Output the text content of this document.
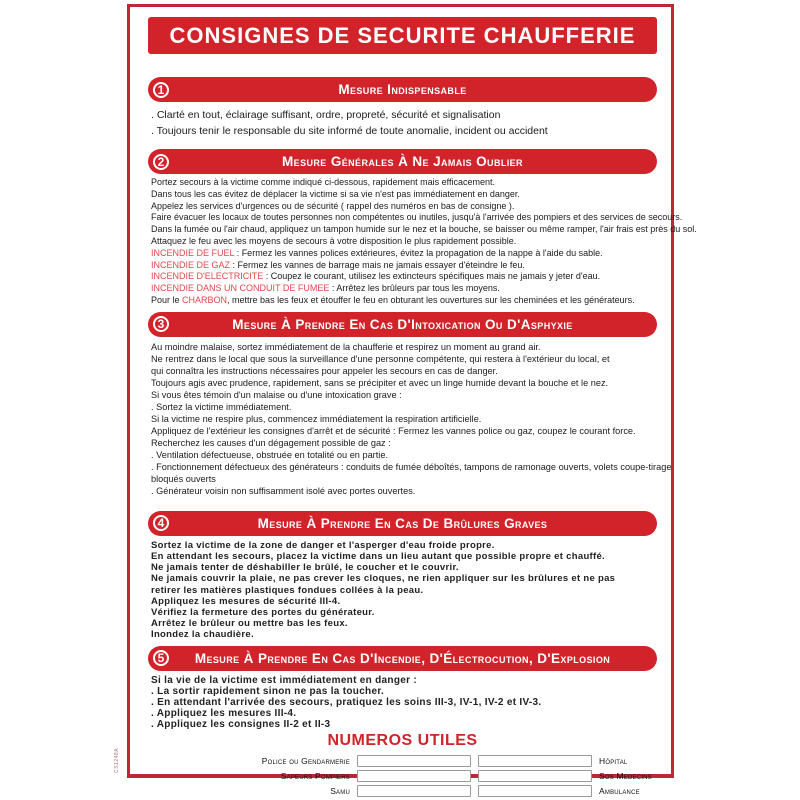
CONSIGNES DE SECURITE CHAUFFERIE
1	Mesure Indispensable
. Clarté en tout, éclairage suffisant, ordre, propreté, sécurité et signalisation
. Toujours tenir le responsable du site informé de toute anomalie, incident ou accident
2	Mesure Générales À Ne Jamais Oublier
Portez secours à la victime comme indiqué ci-dessous, rapidement mais efficacement.
Dans tous les cas évitez de déplacer la victime si sa vie n'est pas immédiatement en danger.
Appelez les services d'urgences ou de sécurité ( rappel des numéros en bas de consigne ).
Faire évacuer les locaux de toutes personnes non compétentes ou inutiles, jusqu'à l'arrivée des pompiers et des services de secours.
Dans la fumée ou l'air chaud, appliquez un tampon humide sur le nez et la bouche, se baisser ou même ramper, l'air frais est près du sol.
Attaquez le feu avec les moyens de secours à votre disposition le plus rapidement possible.
INCENDIE DE FUEL : Fermez les vannes polices extérieures, évitez la propagation de la nappe à l'aide du sable.
INCENDIE DE GAZ : Fermez les vannes de barrage mais ne jamais essayer d'éteindre le feu.
INCENDIE D'ELECTRICITE : Coupez le courant, utilisez les extincteurs spécifiques mais ne jamais y jeter d'eau.
INCENDIE DANS UN CONDUIT DE FUMEE : Arrêtez les brûleurs par tous les moyens.
Pour le CHARBON, mettre bas les feux et étouffer le feu en obturant les ouvertures sur les cheminées et les générateurs.
3	Mesure À Prendre En Cas D'Intoxication Ou D'Asphyxie
Au moindre malaise, sortez immédiatement de la chaufferie et respirez un moment au grand air.
Ne rentrez dans le local que sous la surveillance d'une personne compétente, qui restera à l'extérieur du local, et
qui connaîtra les instructions nécessaires pour appeler les secours en cas de danger.
Toujours agis avec prudence, rapidement, sans se précipiter et avec un linge humide devant la bouche et le nez.
Si vous êtes témoin d'un malaise ou d'une intoxication grave :
. Sortez la victime immédiatement.
Si la victime ne respire plus, commencez immédiatement la respiration artificielle.
Appliquez de l'extérieur les consignes d'arrêt et de sécurité : Fermez les vannes police ou gaz, coupez le courant force.
Recherchez les causes d'un dégagement possible de gaz :
. Ventilation défectueuse, obstruée en totalité ou en partie.
. Fonctionnement défectueux des générateurs : conduits de fumée déboîtés, tampons de ramonage ouverts, volets coupe-tirage
bloqués ouverts
. Générateur voisin non suffisamment isolé avec portes ouvertes.
4	Mesure À Prendre En Cas De Brûlures Graves
Sortez la victime de la zone de danger et l'asperger d'eau froide propre.
En attendant les secours, placez la victime dans un lieu autant que possible propre et chauffé.
Ne jamais tenter de déshabiller le brûlé, le coucher et le couvrir.
Ne jamais couvrir la plaie, ne pas crever les cloques, ne rien appliquer sur les brûlures et ne pas
retirer les matières plastiques fondues collées à la peau.
Appliquez les mesures de sécurité III-4.
Vérifiez la fermeture des portes du générateur.
Arrêtez le brûleur ou mettre bas les feux.
Inondez la chaudière.
5	Mesure À Prendre En Cas D'Incendie, D'Électrocution, D'Explosion
Si la vie de la victime est immédiatement en danger :
. La sortir rapidement sinon ne pas la toucher.
. En attendant l'arrivée des secours, pratiquez les soins III-3, IV-1, IV-2 et IV-3.
. Appliquez les mesures III-4.
. Appliquez les consignes II-2 et II-3
NUMEROS UTILES
Police ou Gendarmerie	Hôpital
Sapeurs Pompiers	Sos Medecins
Samu	Ambulance
CS1248A
